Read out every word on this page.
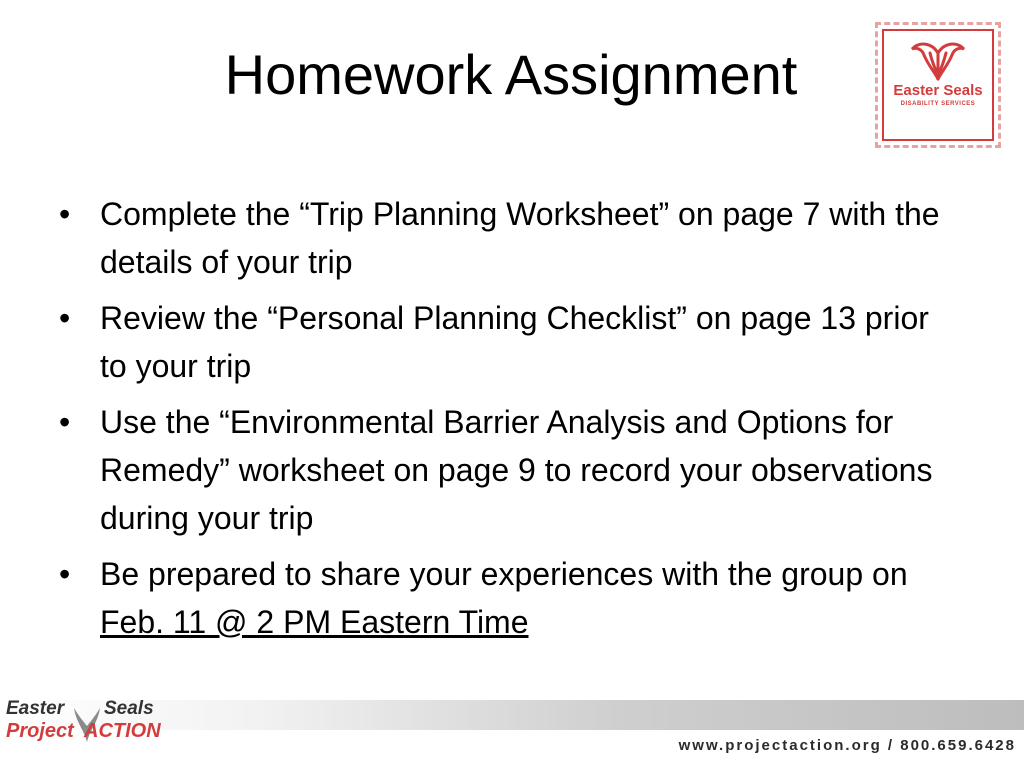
Homework Assignment	Easter Seals
DISABILITY SERVICES
• Complete the “Trip Planning Worksheet” on page 7 with the details of your trip
• Review the “Personal Planning Checklist” on page 13 prior to your trip
• Use the “Environmental Barrier Analysis and Options for Remedy” worksheet on page 9 to record your observations during your trip
• Be prepared to share your experiences with the group on Feb. 11 @ 2 PM Eastern Time
Easter Seals
Project ACTION
www.projectaction.org / 800.659.6428
